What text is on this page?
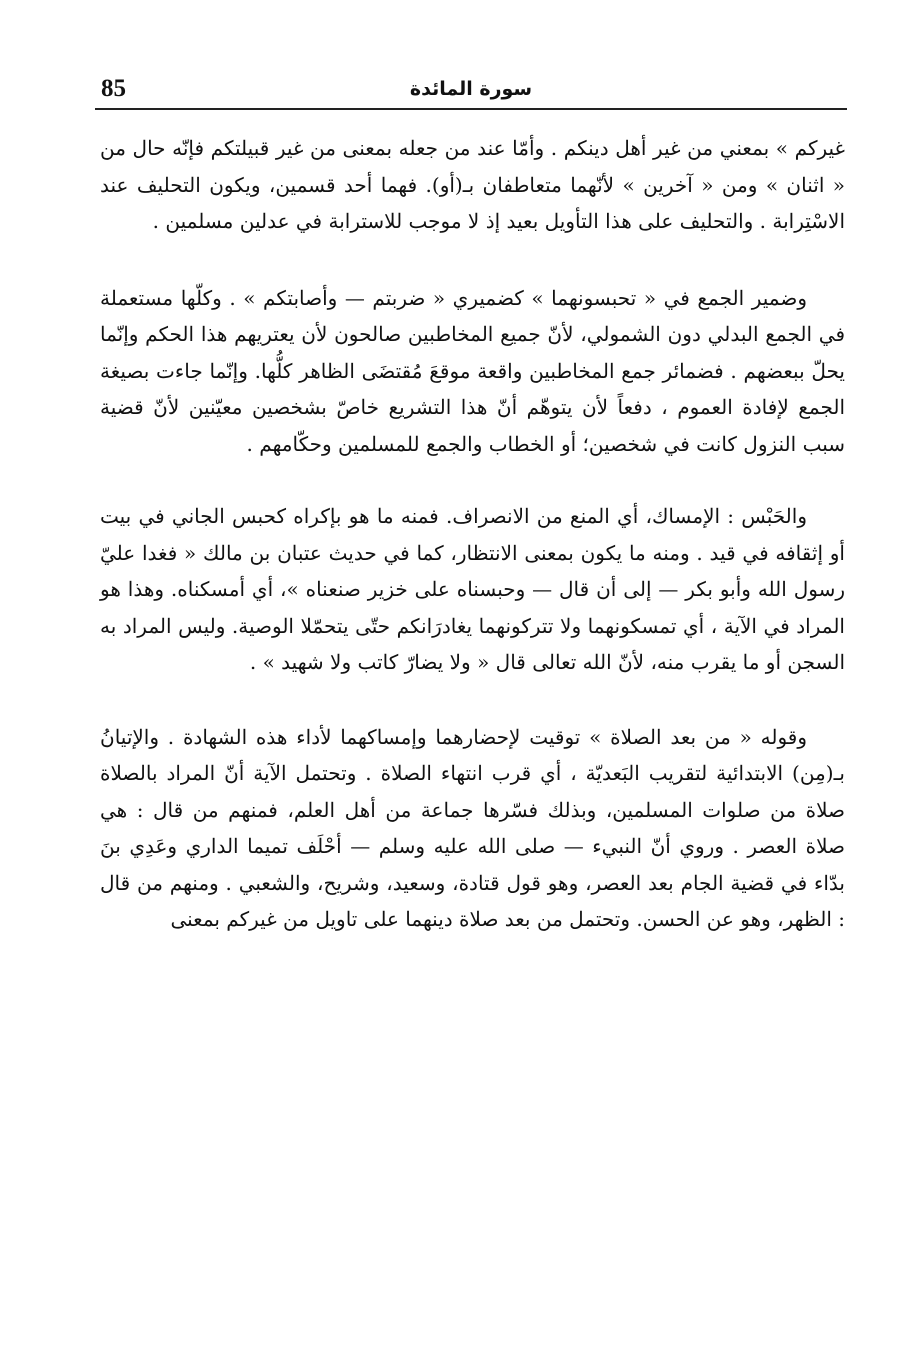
85	سورة المائدة

غيركم » بمعني من غير أهل دينكم . وأمّا عند من جعله بمعنى من غير قبيلتكم فإنّه حال من « اثنان » ومن « آخرين » لأنّهما متعاطفان بـ(أو). فهما أحد قسمين، ويكون التحليف عند الاسْتِرابة . والتحليف على هذا التأويل بعيد إذ لا موجب للاسترابة في عدلين مسلمين .

وضمير الجمع في « تحبسونهما » كضميري « ضربتم — وأصابتكم » . وكلّها مستعملة في الجمع البدلي دون الشمولي، لأنّ جميع المخاطبين صالحون لأن يعتريهم هذا الحكم وإنّما يحلّ ببعضهم . فضمائر جمع المخاطبين واقعة موقعَ مُقتضَى الظاهر كلُّها. وإنّما جاءت بصيغة الجمع لإفادة العموم ، دفعاً لأن يتوهّم أنّ هذا التشريع خاصّ بشخصين معيّنين لأنّ قضية سبب النزول كانت في شخصين؛ أو الخطاب والجمع للمسلمين وحكّامهم .

والحَبْس : الإمساك، أي المنع من الانصراف. فمنه ما هو بإكراه كحبس الجاني في بيت أو إثقافه في قيد . ومنه ما يكون بمعنى الانتظار، كما في حديث عتبان بن مالك « فغدا عليّ رسول الله وأبو بكر — إلى أن قال — وحبسناه على خزير صنعناه »، أي أمسكناه. وهذا هو المراد في الآية ، أي تمسكونهما ولا تتركونهما يغادرَانكم حتّى يتحمّلا الوصية. وليس المراد به السجن أو ما يقرب منه، لأنّ الله تعالى قال « ولا يضارّ كاتب ولا شهيد » .

وقوله « من بعد الصلاة » توقيت لإحضارهما وإمساكهما لأداء هذه الشهادة . والإتيانُ بـ(مِن) الابتدائية لتقريب البَعديّة ، أي قرب انتهاء الصلاة . وتحتمل الآية أنّ المراد بالصلاة صلاة من صلوات المسلمين، وبذلك فسّرها جماعة من أهل العلم، فمنهم من قال : هي صلاة العصر . وروي أنّ النبيء — صلى الله عليه وسلم — أحْلَف تميما الداري وعَدِي بنَ بدّاء في قضية الجام بعد العصر، وهو قول قتادة، وسعيد، وشريح، والشعبي . ومنهم من قال : الظهر، وهو عن الحسن. وتحتمل من بعد صلاة دينهما على تاويل من غيركم بمعنى
